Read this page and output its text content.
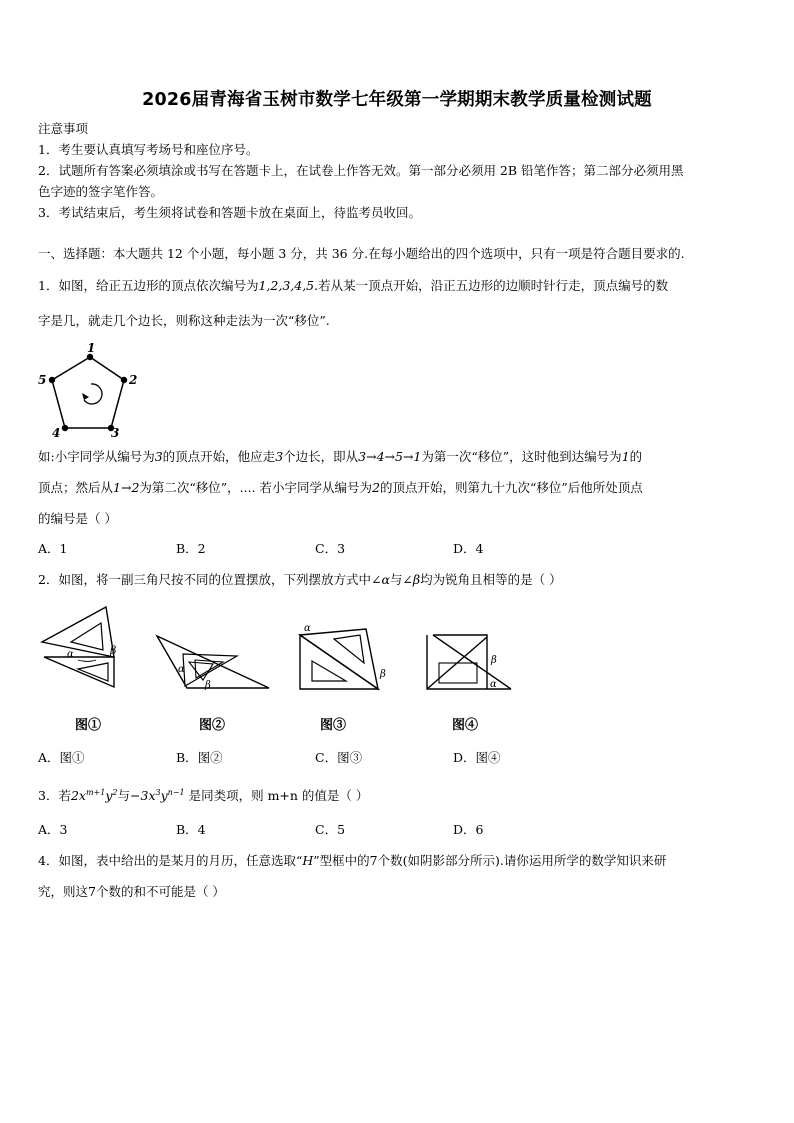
2026届青海省玉树市数学七年级第一学期期末教学质量检测试题
注意事项
1．考生要认真填写考场号和座位序号。
2．试题所有答案必须填涂或书写在答题卡上，在试卷上作答无效。第一部分必须用 2B 铅笔作答；第二部分必须用黑
色字迹的签字笔作答。
3．考试结束后，考生须将试卷和答题卡放在桌面上，待监考员收回。
一、选择题：本大题共 12 个小题，每小题 3 分，共 36 分.在每小题给出的四个选项中，只有一项是符合题目要求的.
1．如图，给正五边形的顶点依次编号为1,2,3,4,5.若从某一顶点开始，沿正五边形的边顺时针行走，顶点编号的数
字是几，就走几个边长，则称这种走法为一次“移位”.
1
2
3
4
5
如:小宇同学从编号为3的顶点开始，他应走3个边长，即从3→4→5→1为第一次“移位”，这时他到达编号为1的
顶点；然后从1→2为第二次“移位”，.... 若小宇同学从编号为2的顶点开始，则第九十九次“移位”后他所处顶点
的编号是（ ）
A．1	B．2	C．3	D．4
2．如图，将一副三角尺按不同的位置摆放，下列摆放方式中∠α与∠β均为锐角且相等的是（ ）
α	β
图①
α
β
图②
α
β
图③
β
α
图④
A．图①	B．图②	C．图③	D．图④
3．若$2x^{m+1}y^2$与$-3x^3y^{n-1}$ 是同类项，则 m+n 的值是（ ）
A．3	B．4	C．5	D．6
4．如图，表中给出的是某月的月历，任意选取“H”型框中的7个数(如阴影部分所示).请你运用所学的数学知识来研
究，则这7个数的和不可能是（ ）
